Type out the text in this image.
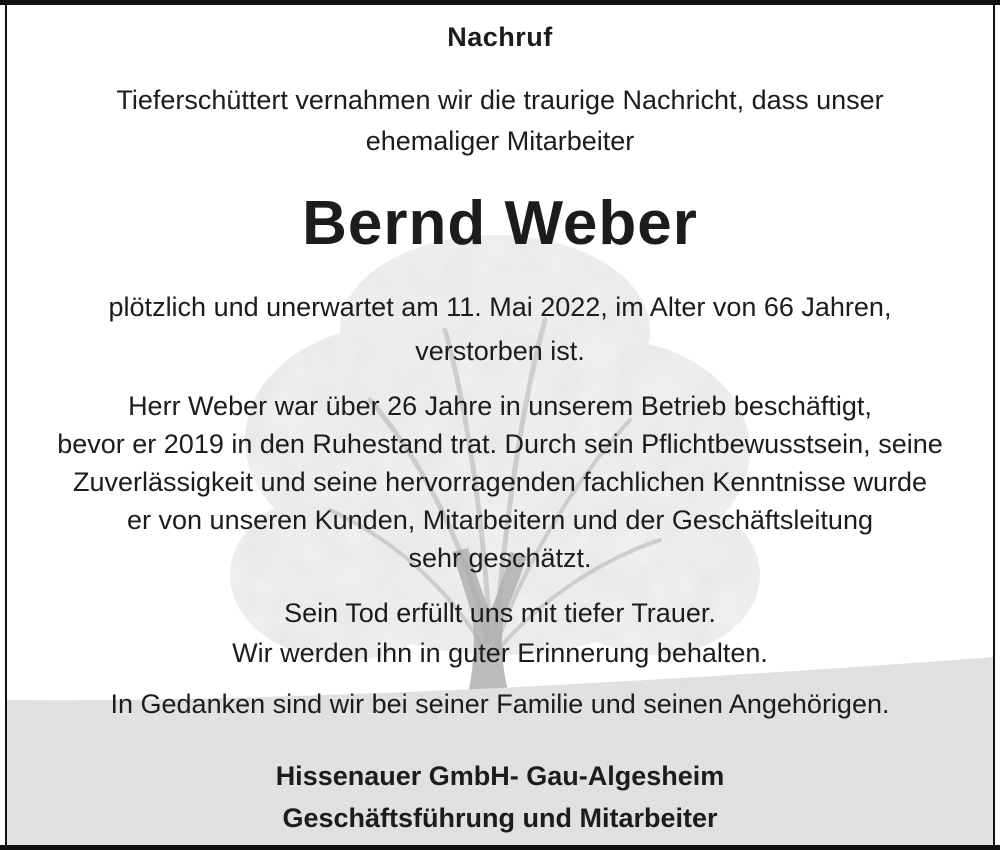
Nachruf
Tieferschüttert vernahmen wir die traurige Nachricht, dass unser
ehemaliger Mitarbeiter
Bernd Weber
plötzlich und unerwartet am 11. Mai 2022, im Alter von 66 Jahren,
verstorben ist.
Herr Weber war über 26 Jahre in unserem Betrieb beschäftigt,
bevor er 2019 in den Ruhestand trat. Durch sein Pflichtbewusstsein, seine
Zuverlässigkeit und seine hervorragenden fachlichen Kenntnisse wurde
er von unseren Kunden, Mitarbeitern und der Geschäftsleitung
sehr geschätzt.
Sein Tod erfüllt uns mit tiefer Trauer.
Wir werden ihn in guter Erinnerung behalten.
In Gedanken sind wir bei seiner Familie und seinen Angehörigen.
Hissenauer GmbH- Gau-Algesheim
Geschäftsführung und Mitarbeiter
